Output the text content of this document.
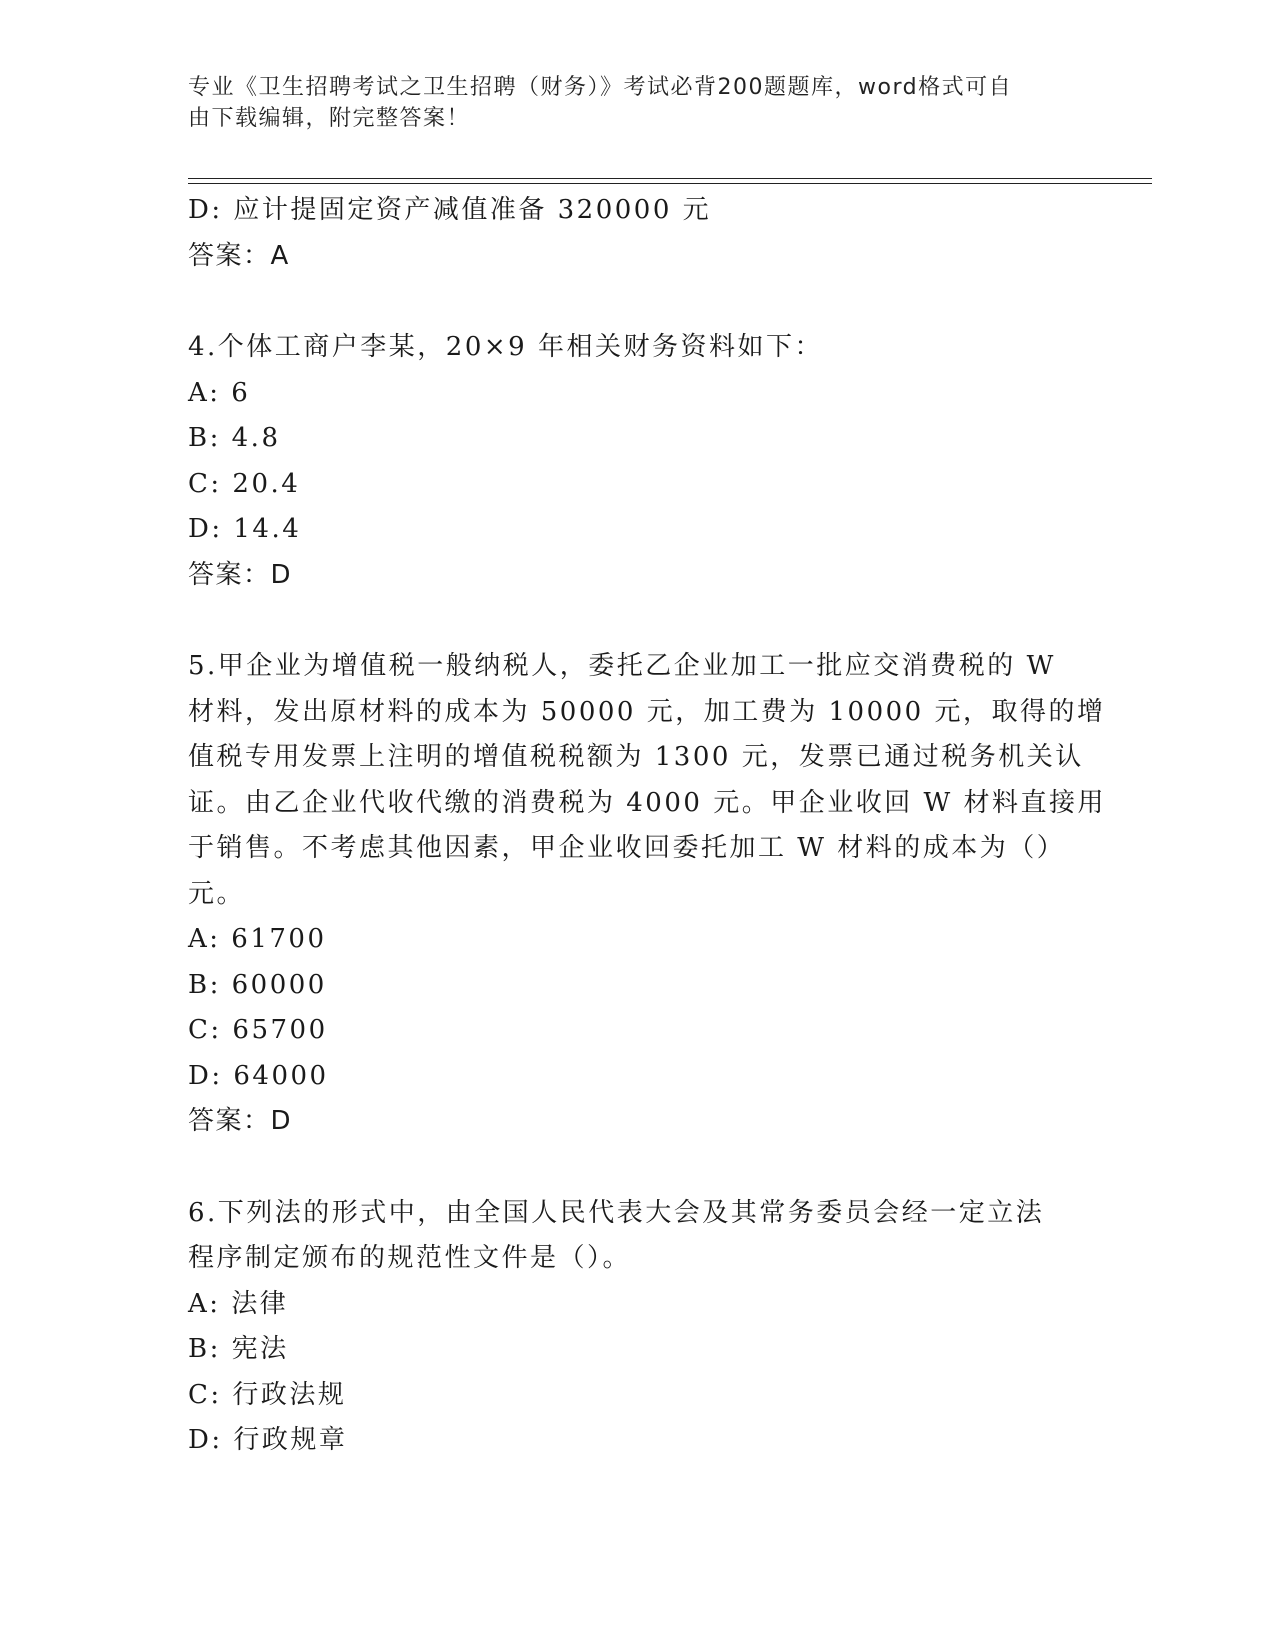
专业《卫生招聘考试之卫生招聘（财务）》考试必背200题题库，word格式可自
由下载编辑，附完整答案！
D: 应计提固定资产减值准备 320000 元
答案：A
4.个体工商户李某，20×9 年相关财务资料如下：
A: 6
B: 4.8
C: 20.4
D: 14.4
答案：D
5.甲企业为增值税一般纳税人，委托乙企业加工一批应交消费税的 W
材料，发出原材料的成本为 50000 元，加工费为 10000 元，取得的增
值税专用发票上注明的增值税税额为 1300 元，发票已通过税务机关认
证。由乙企业代收代缴的消费税为 4000 元。甲企业收回 W 材料直接用
于销售。不考虑其他因素，甲企业收回委托加工 W 材料的成本为（）
元。
A: 61700
B: 60000
C: 65700
D: 64000
答案：D
6.下列法的形式中，由全国人民代表大会及其常务委员会经一定立法
程序制定颁布的规范性文件是（）。
A: 法律
B: 宪法
C: 行政法规
D: 行政规章
